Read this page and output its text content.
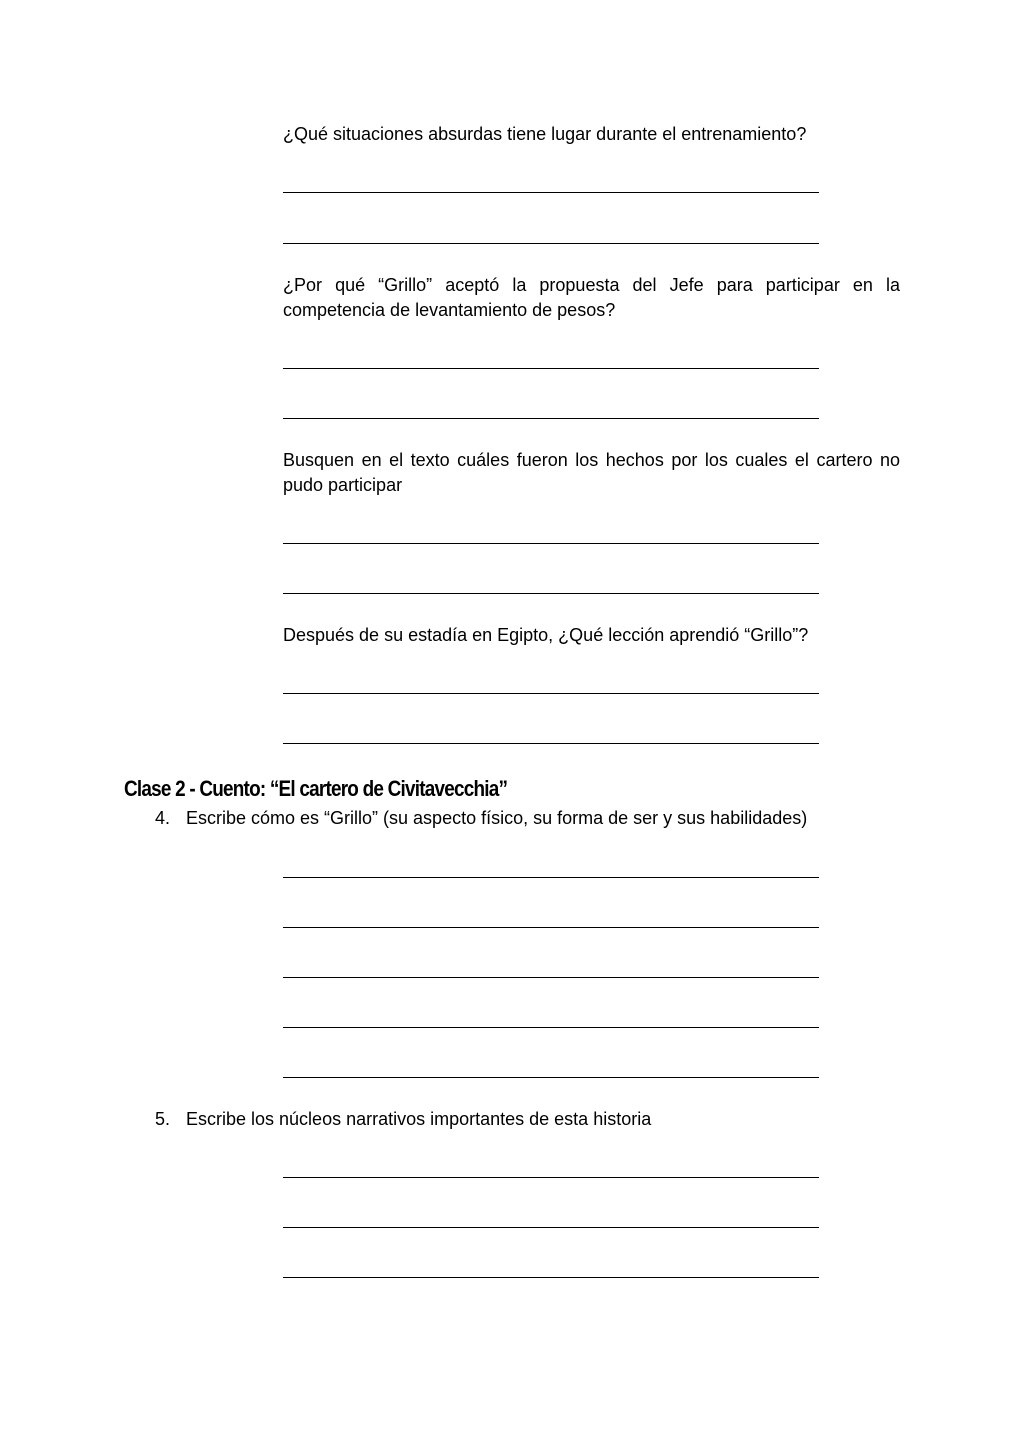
¿Qué situaciones absurdas tiene lugar durante el entrenamiento?

¿Por qué “Grillo” aceptó la propuesta del Jefe para participar en la competencia de levantamiento de pesos?

Busquen en el texto cuáles fueron los hechos por los cuales el cartero no pudo participar

Después de su estadía en Egipto, ¿Qué lección aprendió “Grillo”?

Clase 2 - Cuento: “El cartero de Civitavecchia”

4. Escribe cómo es “Grillo” (su aspecto físico, su forma de ser y sus habilidades)

5. Escribe los núcleos narrativos importantes de esta historia
